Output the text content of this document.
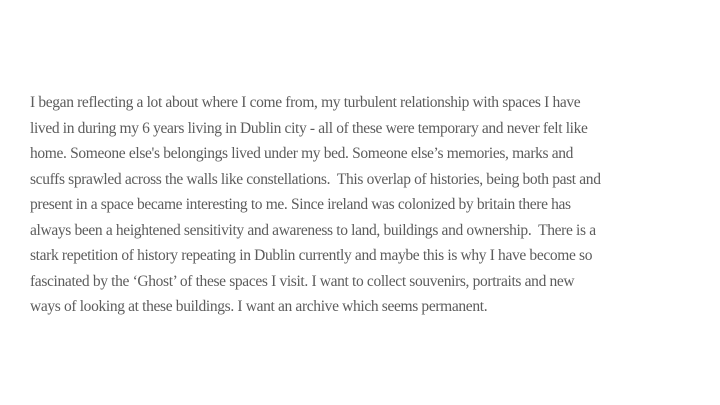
I began reflecting a lot about where I come from, my turbulent relationship with spaces I have
lived in during my 6 years living in Dublin city - all of these were temporary and never felt like
home. Someone else's belongings lived under my bed. Someone else’s memories, marks and
scuffs sprawled across the walls like constellations.  This overlap of histories, being both past and
present in a space became interesting to me. Since ireland was colonized by britain there has
always been a heightened sensitivity and awareness to land, buildings and ownership.  There is a
stark repetition of history repeating in Dublin currently and maybe this is why I have become so
fascinated by the ‘Ghost’ of these spaces I visit. I want to collect souvenirs, portraits and new
ways of looking at these buildings. I want an archive which seems permanent.
